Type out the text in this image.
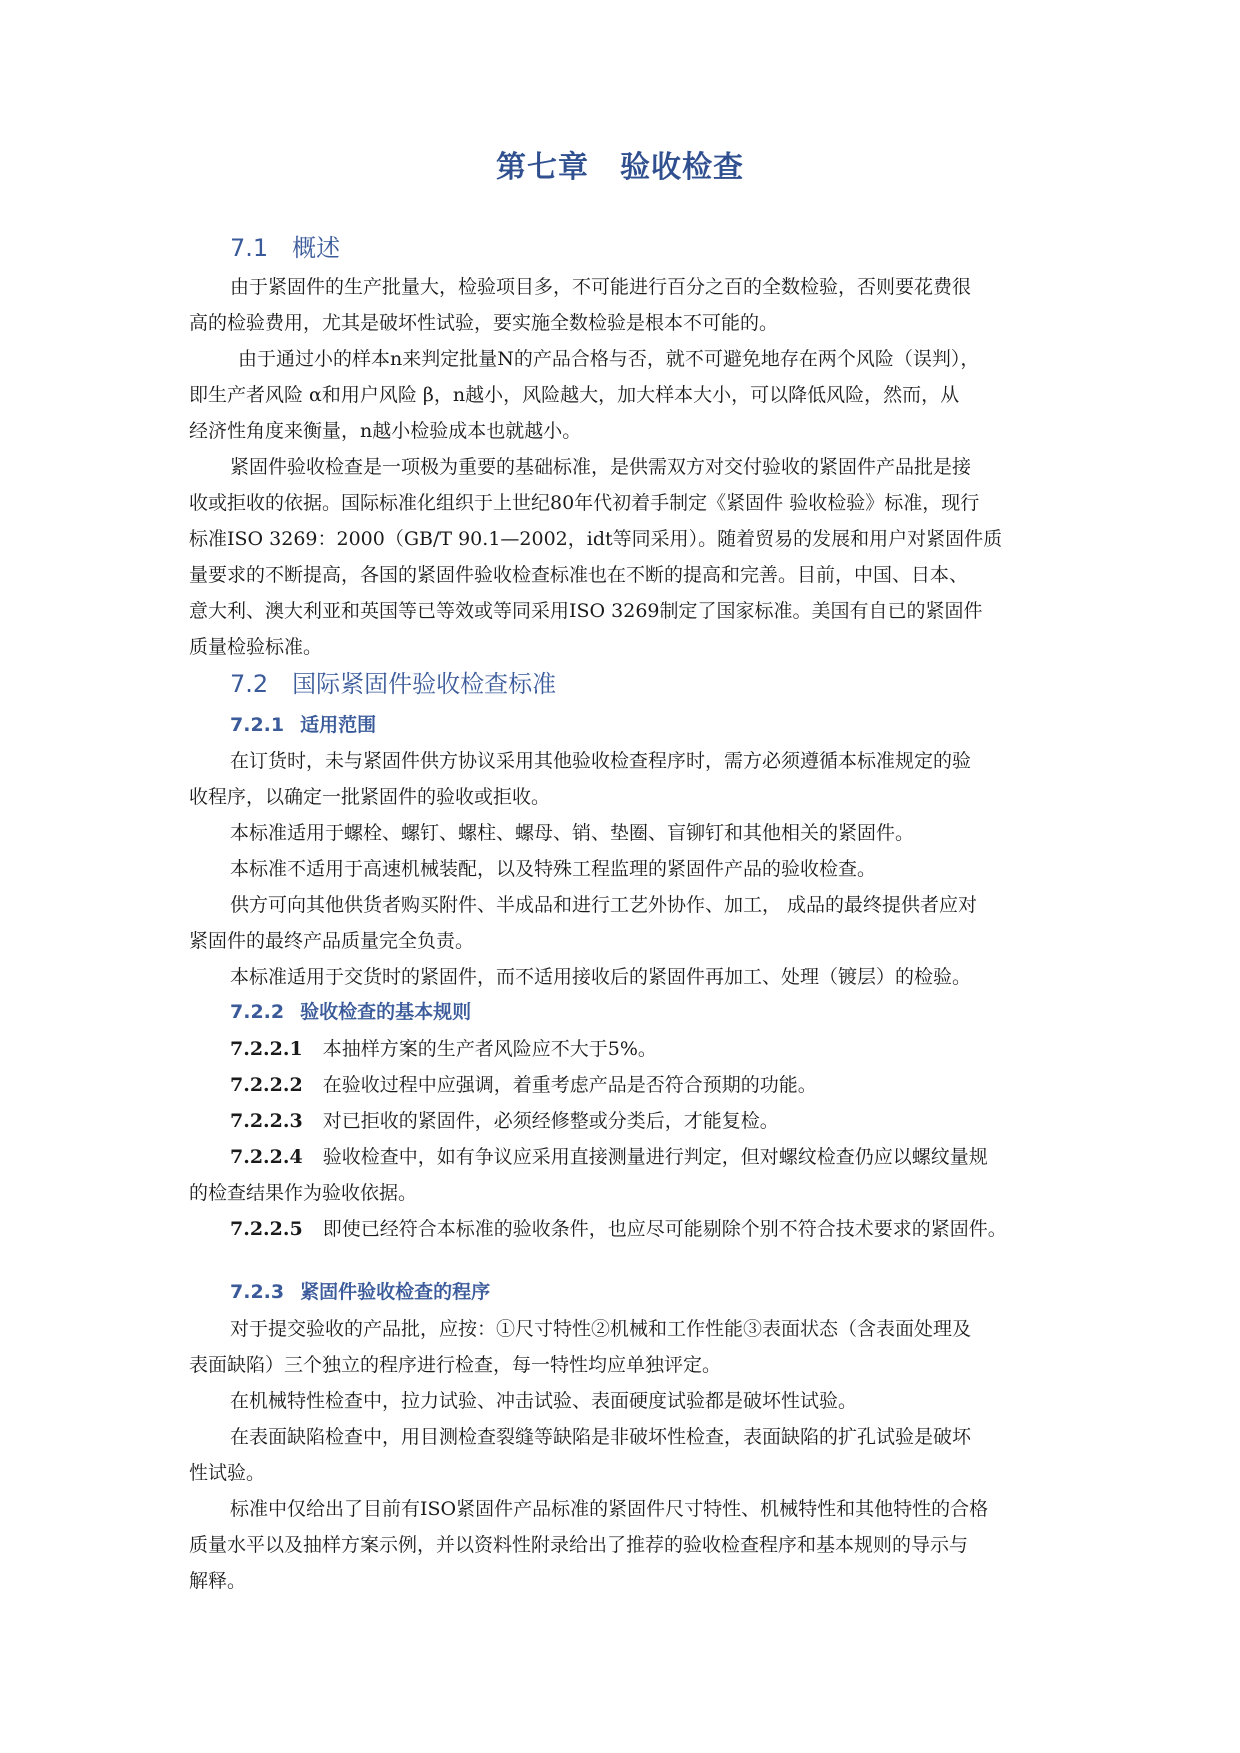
第七章　验收检查
7.1 概述
由于紧固件的生产批量大，检验项目多，不可能进行百分之百的全数检验，否则要花费很
高的检验费用，尤其是破坏性试验，要实施全数检验是根本不可能的。
由于通过小的样本n来判定批量N的产品合格与否，就不可避免地存在两个风险（误判），
即生产者风险 α和用户风险 β，n越小，风险越大，加大样本大小，可以降低风险，然而，从
经济性角度来衡量，n越小检验成本也就越小。
紧固件验收检查是一项极为重要的基础标准，是供需双方对交付验收的紧固件产品批是接
收或拒收的依据。国际标准化组织于上世纪80年代初着手制定《紧固件 验收检验》标准，现行
标准ISO 3269：2000（GB/T 90.1—2002，idt等同采用）。随着贸易的发展和用户对紧固件质
量要求的不断提高，各国的紧固件验收检查标准也在不断的提高和完善。目前，中国、日本、
意大利、澳大利亚和英国等已等效或等同采用ISO 3269制定了国家标准。美国有自已的紧固件
质量检验标准。
7.2 国际紧固件验收检查标准
7.2.1 适用范围
在订货时，未与紧固件供方协议采用其他验收检查程序时，需方必须遵循本标准规定的验
收程序，以确定一批紧固件的验收或拒收。
本标准适用于螺栓、螺钉、螺柱、螺母、销、垫圈、盲铆钉和其他相关的紧固件。
本标准不适用于高速机械装配，以及特殊工程监理的紧固件产品的验收检查。
供方可向其他供货者购买附件、半成品和进行工艺外协作、加工， 成品的最终提供者应对
紧固件的最终产品质量完全负责。
本标准适用于交货时的紧固件，而不适用接收后的紧固件再加工、处理（镀层）的检验。
7.2.2 验收检查的基本规则
7.2.2.1 本抽样方案的生产者风险应不大于5%。
7.2.2.2 在验收过程中应强调，着重考虑产品是否符合预期的功能。
7.2.2.3 对已拒收的紧固件，必须经修整或分类后，才能复检。
7.2.2.4 验收检查中，如有争议应采用直接测量进行判定，但对螺纹检查仍应以螺纹量规
的检查结果作为验收依据。
7.2.2.5 即使已经符合本标准的验收条件，也应尽可能剔除个别不符合技术要求的紧固件。
7.2.3 紧固件验收检查的程序
对于提交验收的产品批，应按：①尺寸特性②机械和工作性能③表面状态（含表面处理及
表面缺陷）三个独立的程序进行检查，每一特性均应单独评定。
在机械特性检查中，拉力试验、冲击试验、表面硬度试验都是破坏性试验。
在表面缺陷检查中，用目测检查裂缝等缺陷是非破坏性检查，表面缺陷的扩孔试验是破坏
性试验。
标准中仅给出了目前有ISO紧固件产品标准的紧固件尺寸特性、机械特性和其他特性的合格
质量水平以及抽样方案示例，并以资料性附录给出了推荐的验收检查程序和基本规则的导示与
解释。
